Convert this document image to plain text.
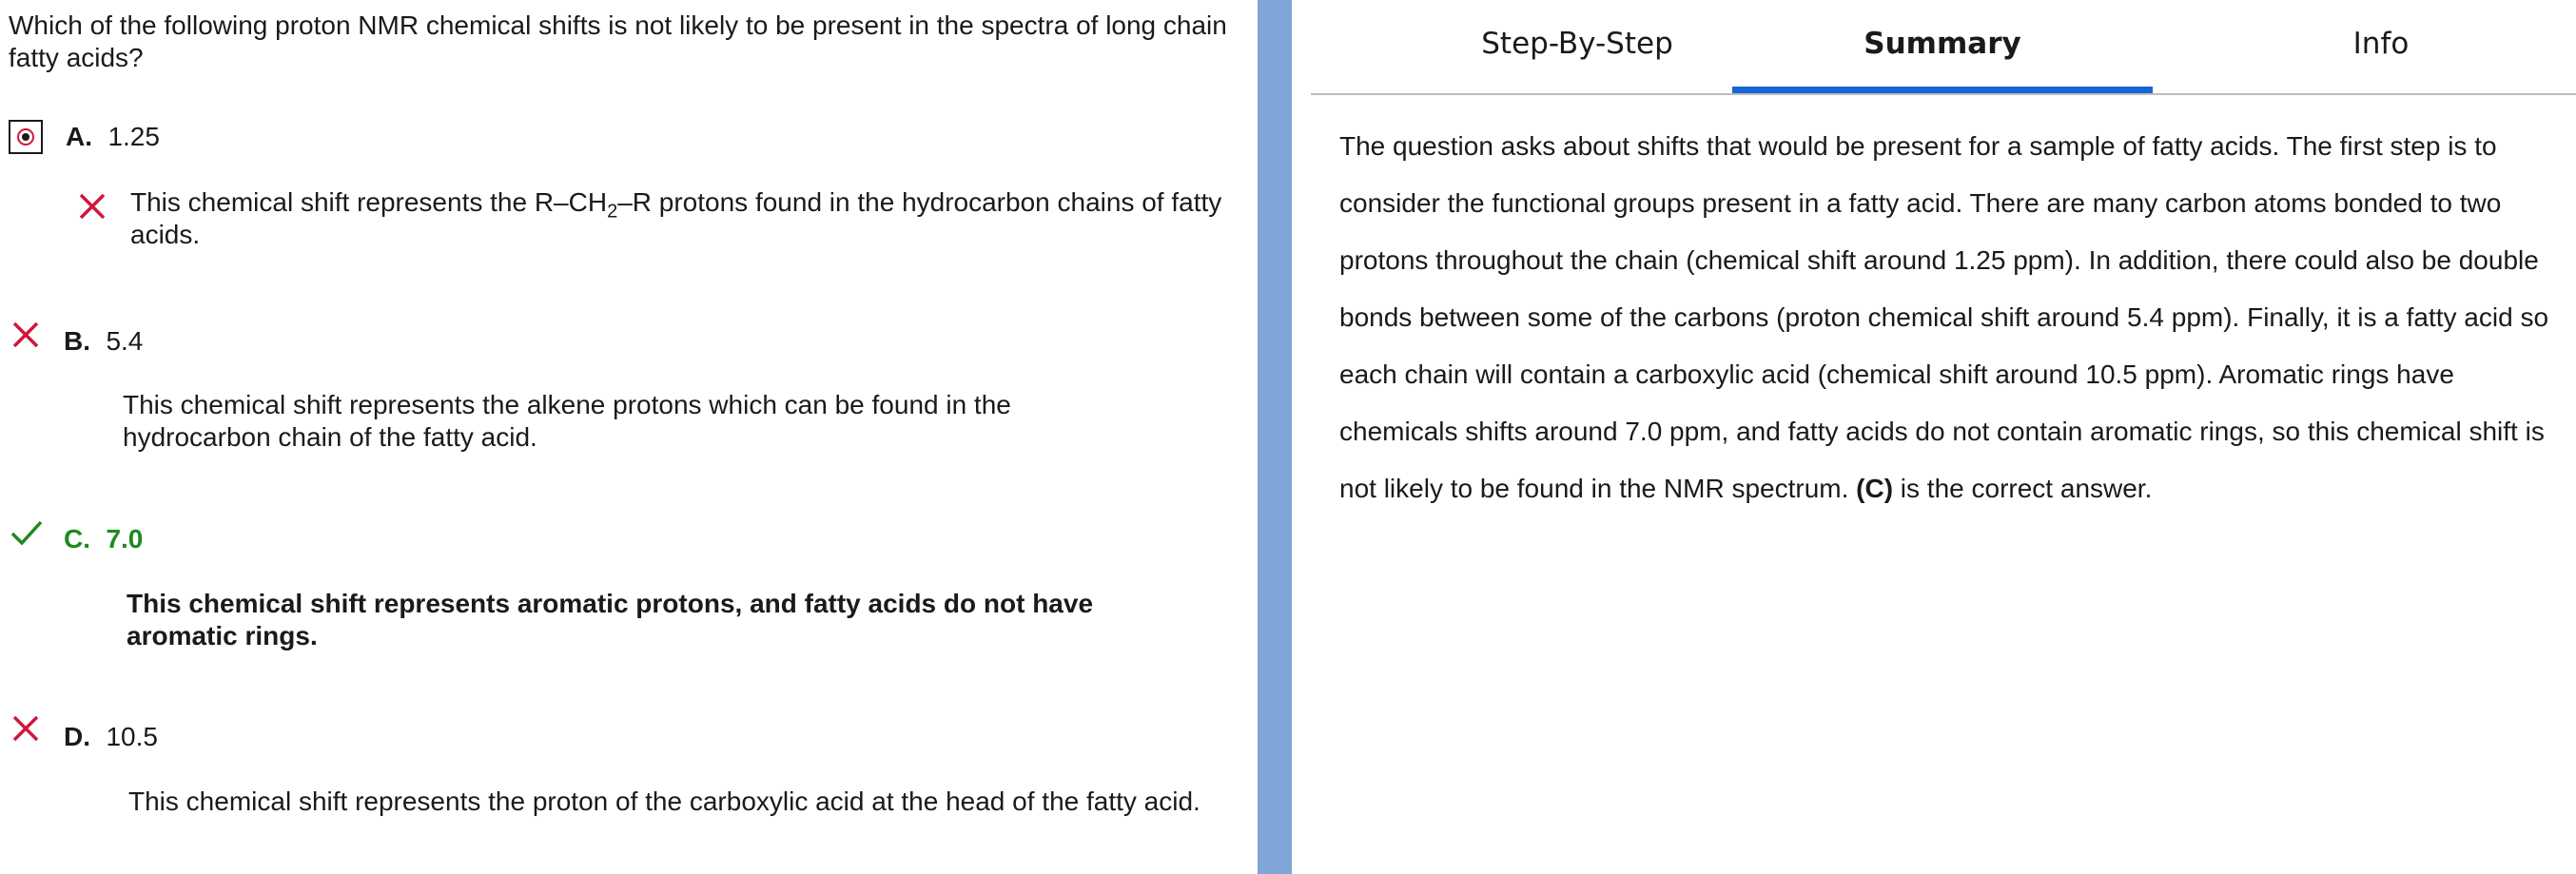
Which of the following proton NMR chemical shifts is not likely to be present in the spectra of long chain fatty acids?
A. 1.25
This chemical shift represents the $R-CH_2-R$ protons found in the hydrocarbon chains of fatty acids.
B. 5.4
This chemical shift represents the alkene protons which can be found in the hydrocarbon chain of the fatty acid.
C. 7.0
This chemical shift represents aromatic protons, and fatty acids do not have aromatic rings.
D. 10.5
This chemical shift represents the proton of the carboxylic acid at the head of the fatty acid.
Step-By-Step	Summary	Info
The question asks about shifts that would be present for a sample of fatty acids. The first step is to consider the functional groups present in a fatty acid. There are many carbon atoms bonded to two protons throughout the chain (chemical shift around 1.25 ppm). In addition, there could also be double bonds between some of the carbons (proton chemical shift around 5.4 ppm). Finally, it is a fatty acid so each chain will contain a carboxylic acid (chemical shift around 10.5 ppm). Aromatic rings have chemicals shifts around 7.0 ppm, and fatty acids do not contain aromatic rings, so this chemical shift is not likely to be found in the NMR spectrum. (C) is the correct answer.
